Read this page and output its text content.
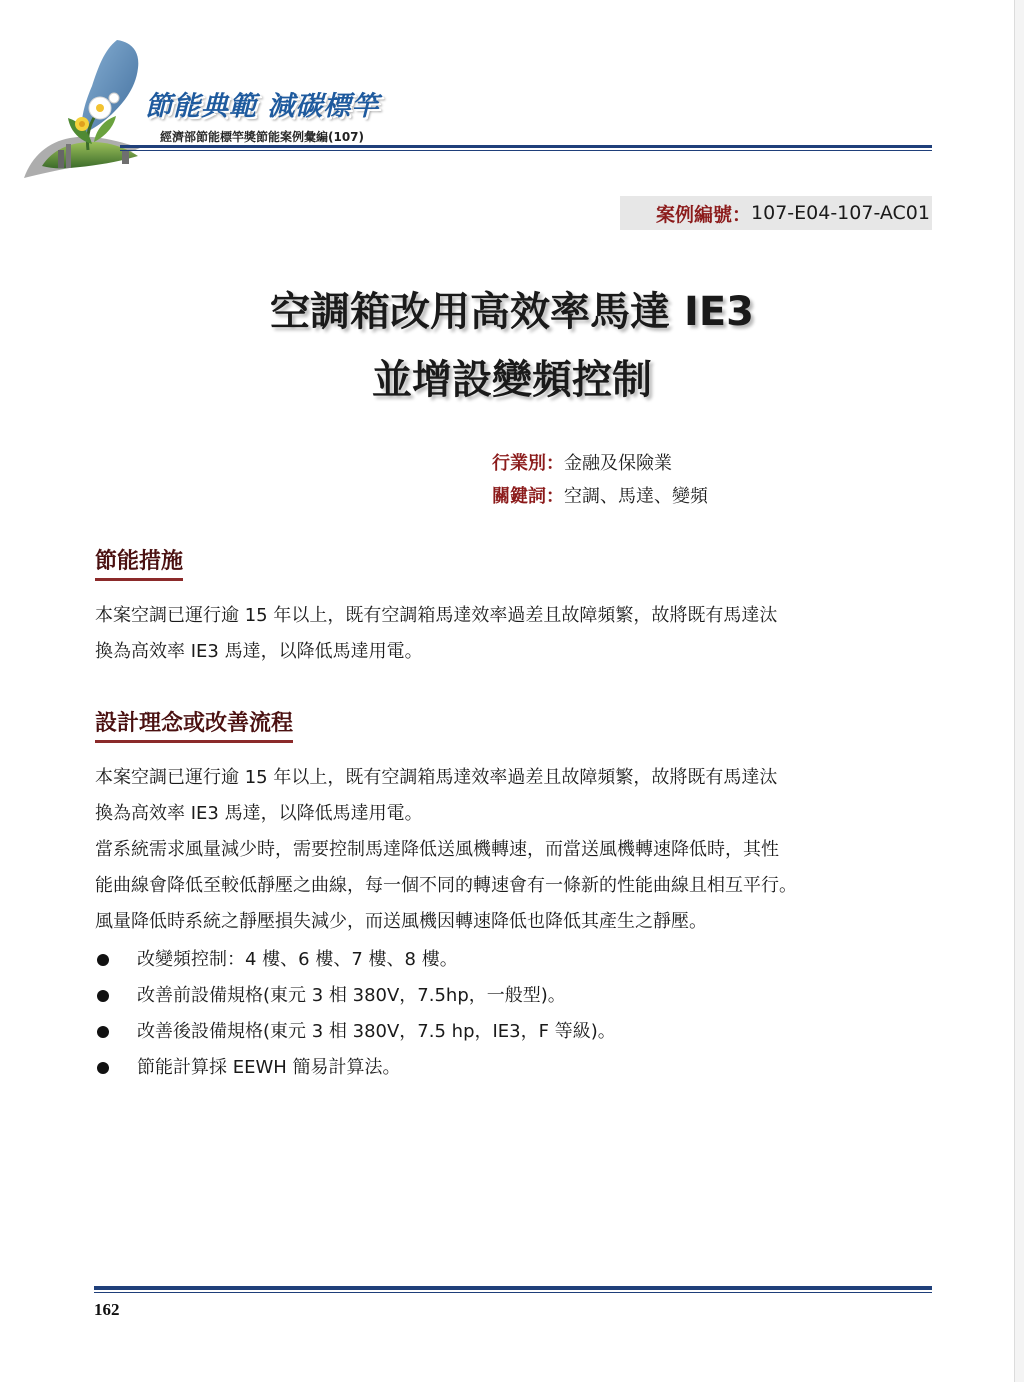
節能典範 減碳標竿
經濟部節能標竿獎節能案例彙編(107)
案例編號： 107-E04-107-AC01
空調箱改用高效率馬達 IE3
並增設變頻控制
行業別：金融及保險業
關鍵詞：空調、馬達、變頻
節能措施
本案空調已運行逾 15 年以上，既有空調箱馬達效率過差且故障頻繁，故將既有馬達汰
換為高效率 IE3 馬達，以降低馬達用電。
設計理念或改善流程
本案空調已運行逾 15 年以上，既有空調箱馬達效率過差且故障頻繁，故將既有馬達汰
換為高效率 IE3 馬達，以降低馬達用電。
當系統需求風量減少時，需要控制馬達降低送風機轉速，而當送風機轉速降低時，其性
能曲線會降低至較低靜壓之曲線，每一個不同的轉速會有一條新的性能曲線且相互平行。
風量降低時系統之靜壓損失減少，而送風機因轉速降低也降低其產生之靜壓。
改變頻控制：4 樓、6 樓、7 樓、8 樓。
改善前設備規格(東元 3 相 380V，7.5hp，一般型)。
改善後設備規格(東元 3 相 380V，7.5 hp，IE3，F 等級)。
節能計算採 EEWH 簡易計算法。
162
